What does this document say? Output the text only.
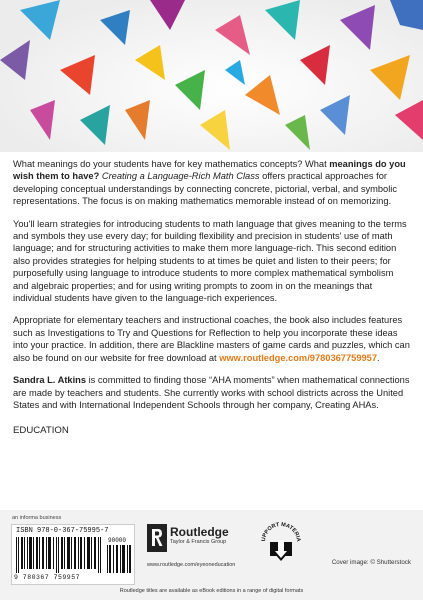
What meanings do your students have for key mathematics concepts? What meanings do you wish them to have? Creating a Language-Rich Math Class offers practical approaches for developing conceptual understandings by connecting concrete, pictorial, verbal, and symbolic representations. The focus is on making mathematics memorable instead of on memorizing.

You'll learn strategies for introducing students to math language that gives meaning to the terms and symbols they use every day; for building flexibility and precision in students' use of math language; and for structuring activities to make them more language-rich. This second edition also provides strategies for helping students to at times be quiet and listen to their peers; for purposefully using language to introduce students to more complex mathematical symbolism and algebraic properties; and for using writing prompts to zoom in on the meanings that individual students have given to the language-rich experiences.

Appropriate for elementary teachers and instructional coaches, the book also includes features such as Investigations to Try and Questions for Reflection to help you incorporate these ideas into your practice. In addition, there are Blackline masters of game cards and puzzles, which can also be found on our website for free download at www.routledge.com/9780367759957.

Sandra L. Atkins is committed to finding those “AHA moments” when mathematical connections are made by teachers and students. She currently works with school districts across the United States and with International Independent Schools through her company, Creating AHAs.

EDUCATION
an informa business
ISBN 978-0-367-75995-7
90000
9 780367 759957
Routledge
Taylor & Francis Group
www.routledge.com/eyeoneducation
UPPORT MATERIA
Cover image: © Shutterstock
Routledge titles are available as eBook editions in a range of digital formats
